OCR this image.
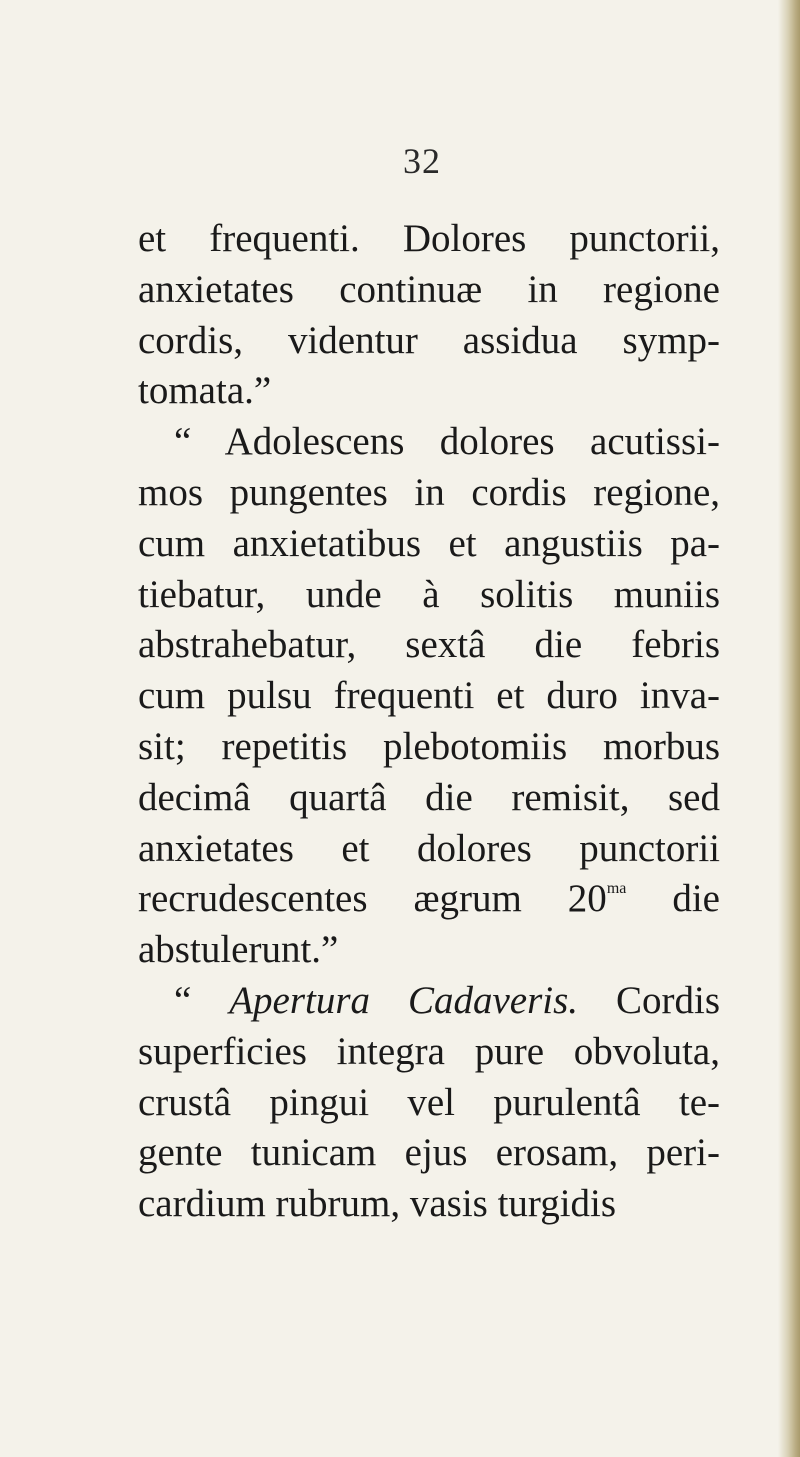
32
et frequenti. Dolores punctorii,
anxietates continuæ in regione
cordis, videntur assidua symp-
tomata.”
“ Adolescens dolores acutissi-
mos pungentes in cordis regione,
cum anxietatibus et angustiis pa-
tiebatur, unde à solitis muniis
abstrahebatur, sextâ die febris
cum pulsu frequenti et duro inva-
sit; repetitis plebotomiis morbus
decimâ quartâ die remisit, sed
anxietates et dolores punctorii
recrudescentes ægrum $20^{ma}$ die
abstulerunt.”
“ Apertura Cadaveris. Cordis
superficies integra pure obvoluta,
crustâ pingui vel purulentâ te-
gente tunicam ejus erosam, peri-
cardium rubrum, vasis turgidis
